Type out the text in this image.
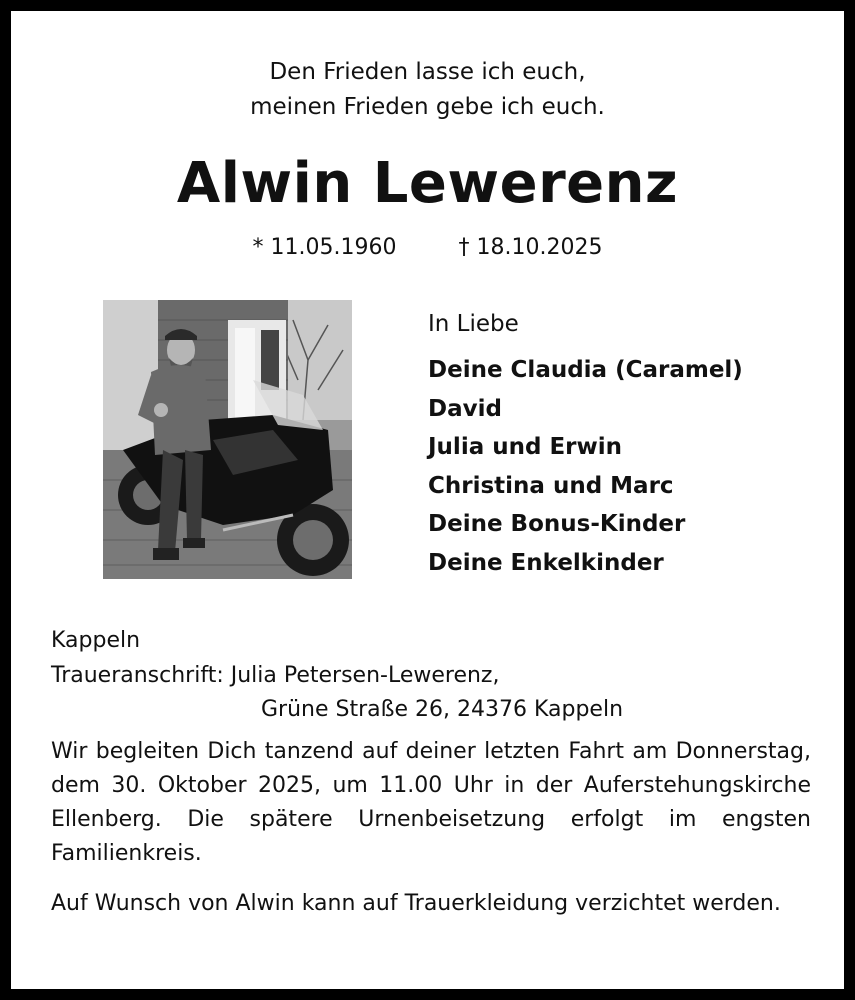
Den Frieden lasse ich euch,
meinen Frieden gebe ich euch.
Alwin Lewerenz
* 11.05.1960	† 18.10.2025
In Liebe
Deine Claudia (Caramel)
David
Julia und Erwin
Christina und Marc
Deine Bonus-Kinder
Deine Enkelkinder
Kappeln
Traueranschrift: Julia Petersen-Lewerenz,
Grüne Straße 26, 24376 Kappeln
Wir begleiten Dich tanzend auf deiner letzten Fahrt am Donnerstag, dem 30. Oktober 2025, um 11.00 Uhr in der Auferstehungskirche Ellenberg. Die spätere Urnenbeisetzung erfolgt im engsten Familienkreis.
Auf Wunsch von Alwin kann auf Trauerkleidung verzichtet werden.
